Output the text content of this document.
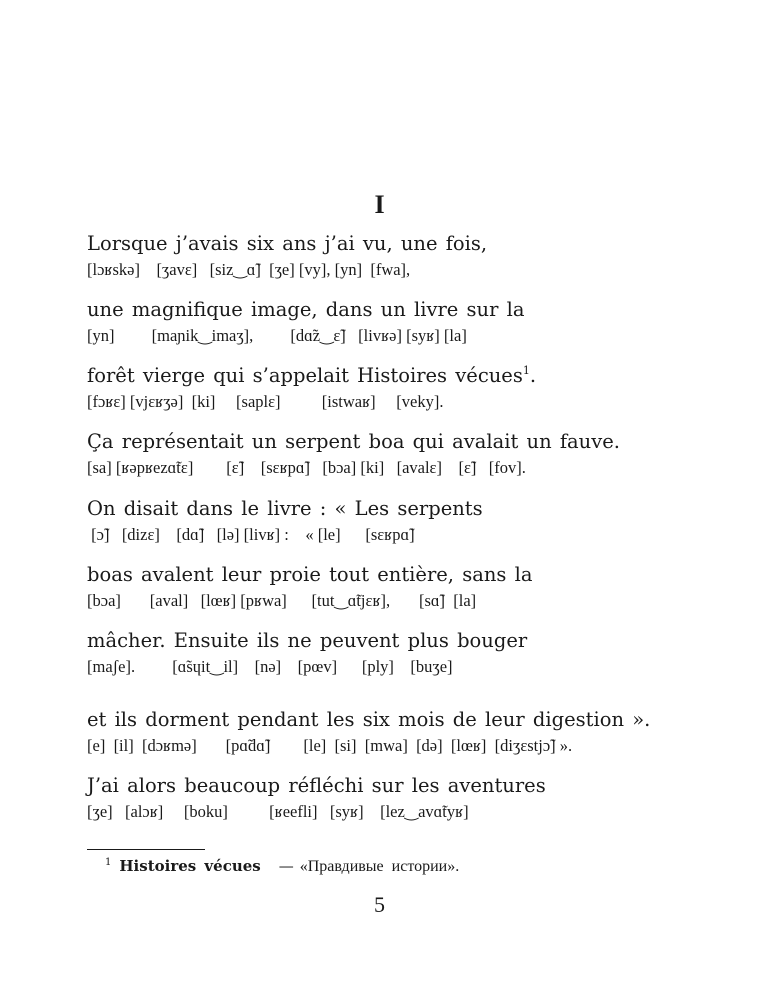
I
Lorsque j’avais six ans j’ai vu, une fois,
[lɔʁskə]    [ʒavɛ]   [siz‿ɑ̃]  [ʒe] [vy], [yn]  [fwa],
une magnifique image, dans un livre sur la
[yn]         [maɲik‿imaʒ],         [dɑ̃z‿ɛ̃]   [livʁə] [syʁ] [la]
forêt vierge qui s’appelait Histoires vécues$^1$.
[fɔʁɛ] [vjɛʁʒə]  [ki]     [saplɛ]          [istwaʁ]     [veky].
Ça représentait un serpent boa qui avalait un fauve.
[sa] [ʁəpʁezɑ̃tɛ]        [ɛ̃]    [sɛʁpɑ̃]   [bɔa] [ki]   [avalɛ]    [ɛ̃]   [fov].
On disait dans le livre : « Les serpents
[ɔ̃]   [dizɛ]    [dɑ̃]   [lə] [livʁ] :    « [le]      [sɛʁpɑ̃]
boas avalent leur proie tout entière, sans la
[bɔa]       [aval]   [lœʁ] [pʁwa]      [tut‿ɑ̃tjɛʁ],       [sɑ̃]  [la]
mâcher. Ensuite ils ne peuvent plus bouger
[maʃe].         [ɑ̃sɥit‿il]    [nə]    [pœv]      [ply]    [buʒe]
et ils dorment pendant les six mois de leur digestion ».
[e]  [il]  [dɔʁmə]       [pɑ̃dɑ̃]        [le]  [si]  [mwa]  [də]  [lœʁ]  [diʒɛstjɔ̃] ».
J’ai alors beaucoup réfléchi sur les aventures
[ʒe]   [alɔʁ]     [boku]          [ʁeefli]   [syʁ]    [lez‿avɑ̃tyʁ]
$^1$ Histoires vécues — «Правдивые истории».
5
